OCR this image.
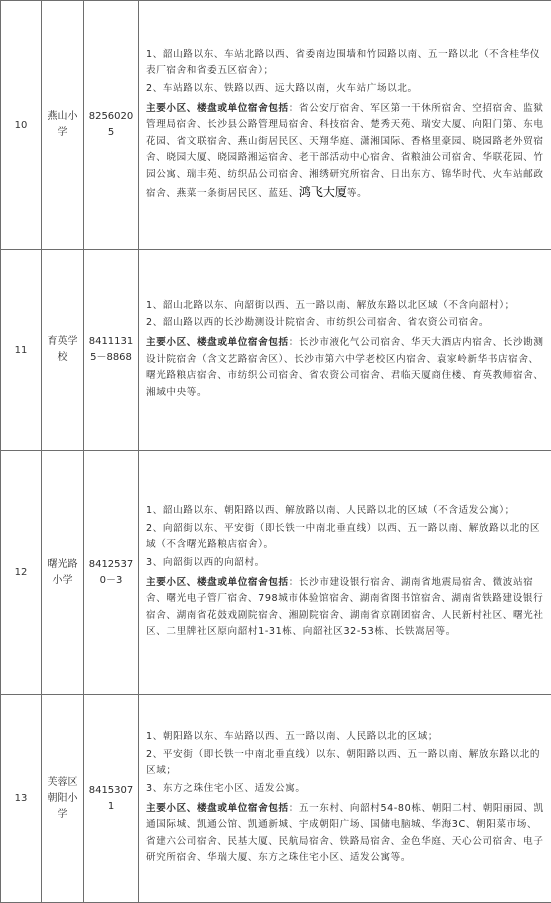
10	燕山小学	82560205	1、韶山路以东、车站北路以西、省委南边围墙和竹园路以南、五一路以北（不含桂华仪表厂宿舍和省委五区宿舍）；

2、车站路以东、铁路以西、远大路以南，火车站广场以北。

主要小区、楼盘或单位宿舍包括：省公安厅宿舍、军区第一干休所宿舍、空招宿舍、监狱管理局宿舍、长沙县公路管理局宿舍、科技宿舍、楚秀天苑、瑞安大厦、向阳门第、东电花园、省文联宿舍、燕山街居民区、天翔华庭、潇湘国际、香格里豪园、晓园路老外贸宿舍、晓园大厦、晓园路湘运宿舍、老干部活动中心宿舍、省粮油公司宿舍、华联花园、竹园公寓、瑞丰苑、纺织品公司宿舍、湘绣研究所宿舍、日出东方、锦华时代、火车站邮政宿舍、燕菜一条街居民区、蓝廷、鸿飞大厦等。

11	育英学校	84111315－8868	1、韶山北路以东、向韶街以西、五一路以南、解放东路以北区域（不含向韶村）；

2、韶山路以西的长沙勘测设计院宿舍、市纺织公司宿舍、省农资公司宿舍。

主要小区、楼盘或单位宿舍包括：长沙市液化气公司宿舍、华天大酒店内宿舍、长沙勘测设计院宿舍（含文艺路宿舍区）、长沙市第六中学老校区内宿舍、袁家岭新华书店宿舍、曙光路粮店宿舍、市纺织公司宿舍、省农资公司宿舍、君临天厦商住楼、育英教师宿舍、湘域中央等。

12	曙光路小学	84125370－3	1、韶山路以东、朝阳路以西、解放路以南、人民路以北的区域（不含适发公寓）；

2、向韶街以东、平安街（即长铁一中南北垂直线）以西、五一路以南、解放路以北的区域（不含曙光路粮店宿舍）。

3、向韶街以西的向韶村。

主要小区、楼盘或单位宿舍包括：长沙市建设银行宿舍、湖南省地震局宿舍、微波站宿舍、曙光电子管厂宿舍、798城市体验馆宿舍、湖南省图书馆宿舍、湖南省铁路建设银行宿舍、湖南省花鼓戏剧院宿舍、湘剧院宿舍、湖南省京剧团宿舍、人民新村社区、曙光社区、二里牌社区原向韶村1-31栋、向韶社区32-53栋、长铁嵩居等。

13	芙蓉区朝阳小学	84153071	1、朝阳路以东、车站路以西、五一路以南、人民路以北的区域；

2、平安街（即长铁一中南北垂直线）以东、朝阳路以西、五一路以南、解放东路以北的区域；

3、东方之珠住宅小区、适发公寓。

主要小区、楼盘或单位宿舍包括：五一东村、向韶村54-80栋、朝阳二村、朝阳丽园、凯通国际城、凯通公馆、凯通新城、宇成朝阳广场、国储电脑城、华海3C、朝阳菜市场、省建六公司宿舍、民基大厦、民航局宿舍、铁路局宿舍、金色华庭、天心公司宿舍、电子研究所宿舍、华瑞大厦、东方之珠住宅小区、适发公寓等。
